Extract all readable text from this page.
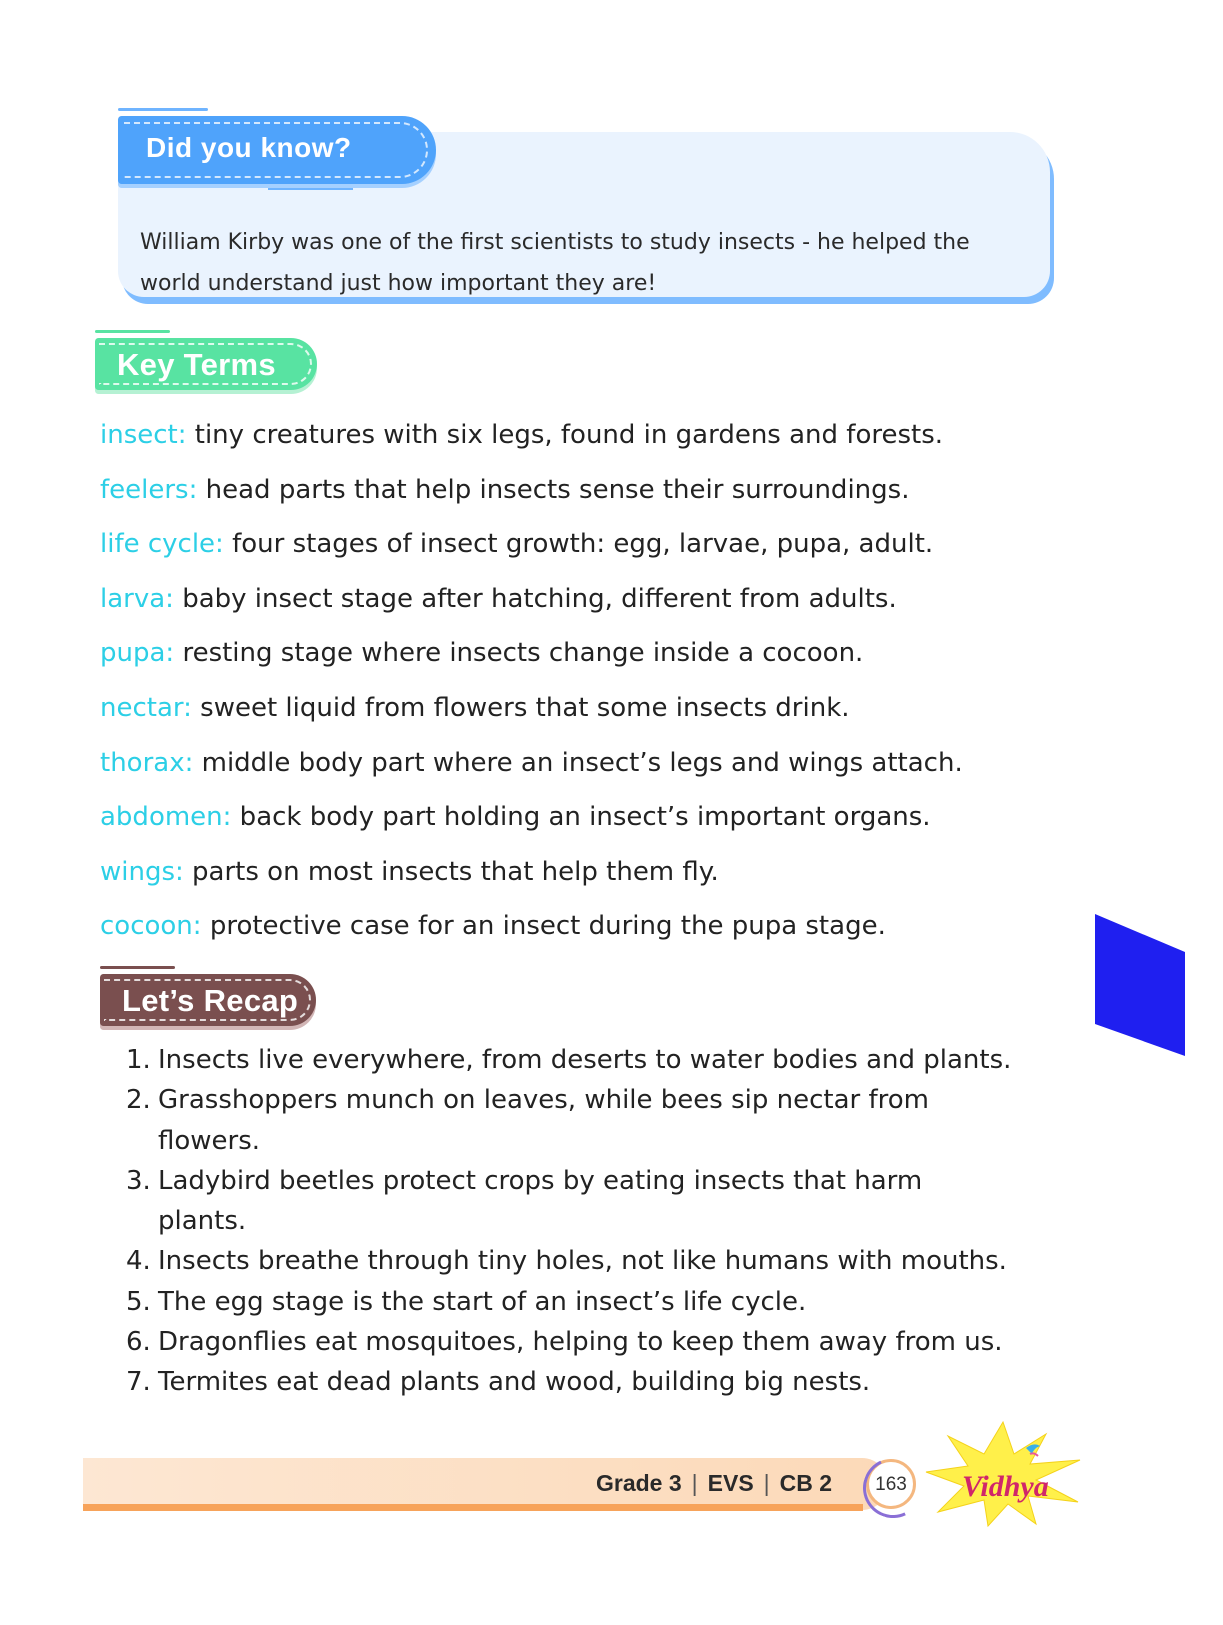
William Kirby was one of the first scientists to study insects - he helped the world understand just how important they are!
Did you know?
Key Terms
insect: tiny creatures with six legs, found in gardens and forests.
feelers: head parts that help insects sense their surroundings.
life cycle: four stages of insect growth: egg, larvae, pupa, adult.
larva: baby insect stage after hatching, different from adults.
pupa: resting stage where insects change inside a cocoon.
nectar: sweet liquid from flowers that some insects drink.
thorax: middle body part where an insect’s legs and wings attach.
abdomen: back body part holding an insect’s important organs.
wings: parts on most insects that help them fly.
cocoon: protective case for an insect during the pupa stage.
Let’s Recap
1. Insects live everywhere, from deserts to water bodies and plants.
2. Grasshoppers munch on leaves, while bees sip nectar from flowers.
3. Ladybird beetles protect crops by eating insects that harm plants.
4. Insects breathe through tiny holes, not like humans with mouths.
5. The egg stage is the start of an insect’s life cycle.
6. Dragonflies eat mosquitoes, helping to keep them away from us.
7. Termites eat dead plants and wood, building big nests.
Grade 3 | EVS | CB 2	163 Vidhya
